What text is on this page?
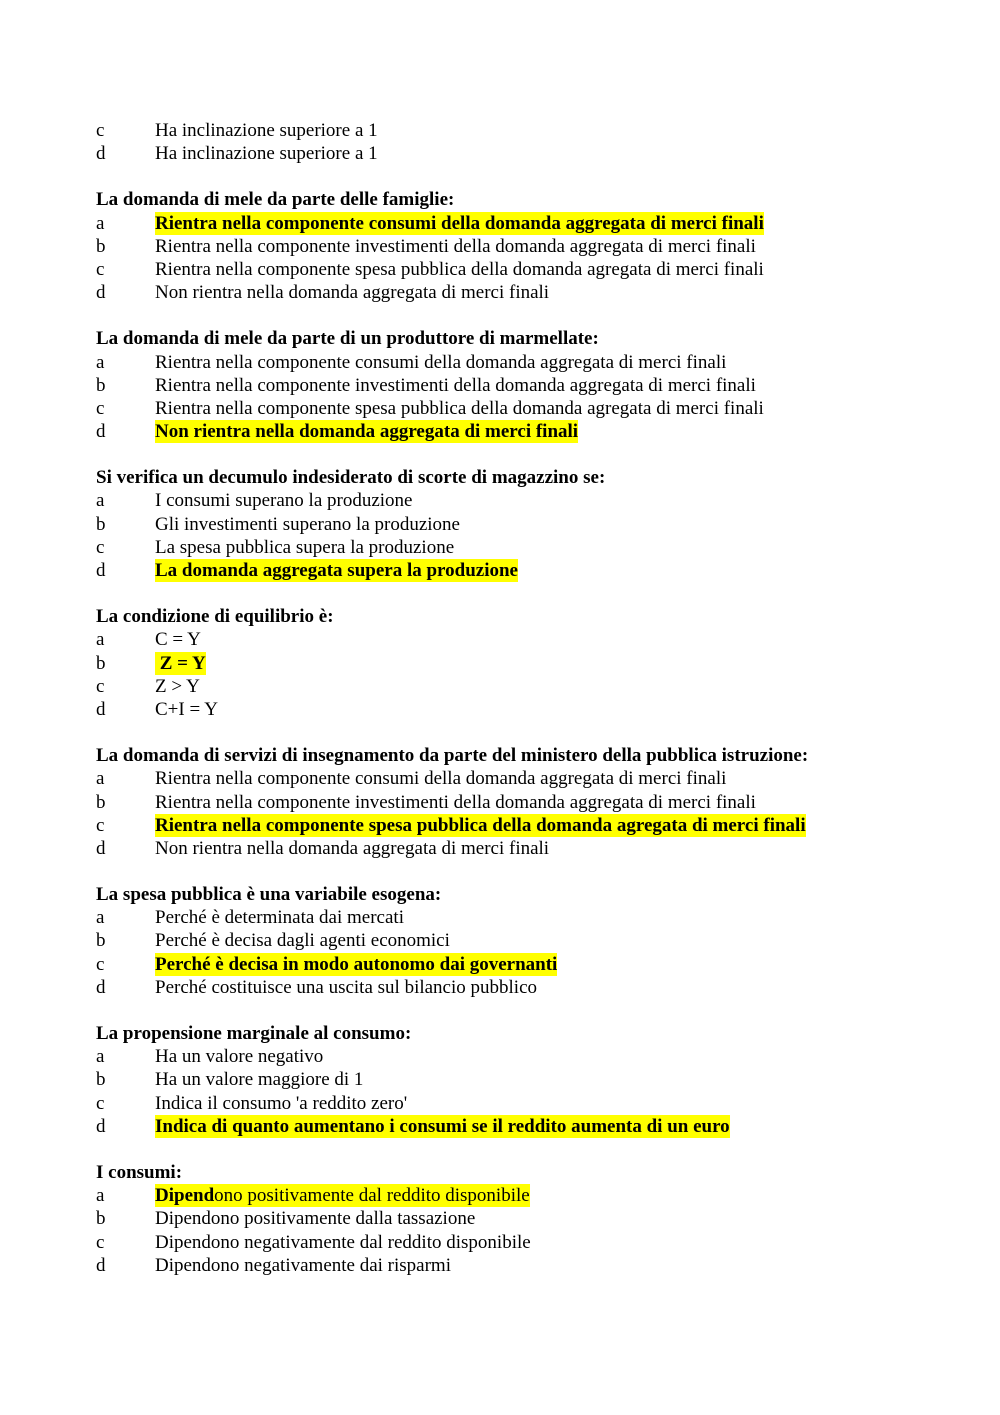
c	Ha inclinazione superiore a 1
d	Ha inclinazione superiore a 1
La domanda di mele da parte delle famiglie:
a	Rientra nella componente consumi della domanda aggregata di merci finali
b	Rientra nella componente investimenti della domanda aggregata di merci finali
c	Rientra nella componente spesa pubblica della domanda agregata di merci finali
d	Non rientra nella domanda aggregata di merci finali
La domanda di mele da parte di un produttore di marmellate:
a	Rientra nella componente consumi della domanda aggregata di merci finali
b	Rientra nella componente investimenti della domanda aggregata di merci finali
c	Rientra nella componente spesa pubblica della domanda agregata di merci finali
d	Non rientra nella domanda aggregata di merci finali
Si verifica un decumulo indesiderato di scorte di magazzino se:
a	I consumi superano la produzione
b	Gli investimenti superano la produzione
c	La spesa pubblica supera la produzione
d	La domanda aggregata supera la produzione
La condizione di equilibrio è:
a	C = Y
b	Z = Y
c	Z > Y
d	C+I = Y
La domanda di servizi di insegnamento da parte del ministero della pubblica istruzione:
a	Rientra nella componente consumi della domanda aggregata di merci finali
b	Rientra nella componente investimenti della domanda aggregata di merci finali
c	Rientra nella componente spesa pubblica della domanda agregata di merci finali
d	Non rientra nella domanda aggregata di merci finali
La spesa pubblica è una variabile esogena:
a	Perché è determinata dai mercati
b	Perché è decisa dagli agenti economici
c	Perché è decisa in modo autonomo dai governanti
d	Perché costituisce una uscita sul bilancio pubblico
La propensione marginale al consumo:
a	Ha un valore negativo
b	Ha un valore maggiore di 1
c	Indica il consumo 'a reddito zero'
d	Indica di quanto aumentano i consumi se il reddito aumenta di un euro
I consumi:
a	Dipendono positivamente dal reddito disponibile
b	Dipendono positivamente dalla tassazione
c	Dipendono negativamente dal reddito disponibile
d	Dipendono negativamente dai risparmi
